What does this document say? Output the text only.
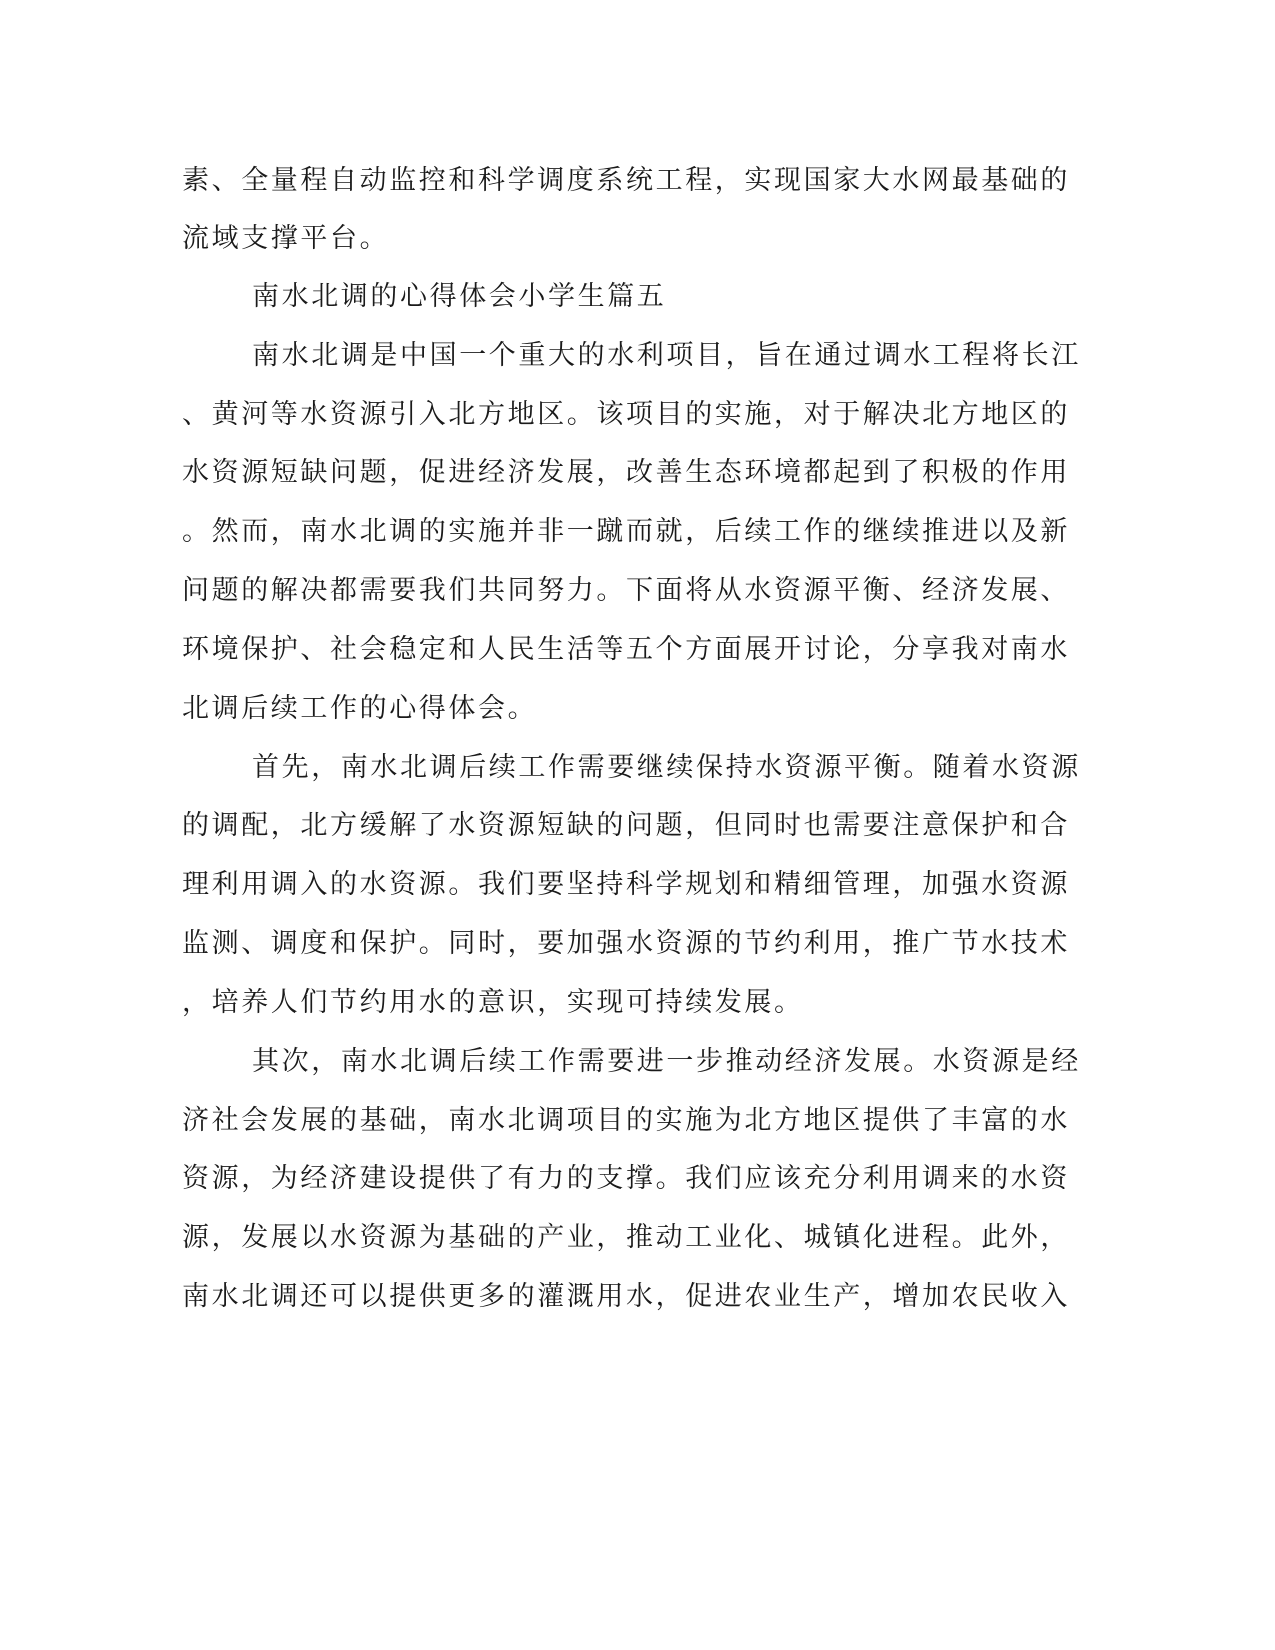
素、全量程自动监控和科学调度系统工程，实现国家大水网最基础的
流域支撑平台。
南水北调的心得体会小学生篇五
南水北调是中国一个重大的水利项目，旨在通过调水工程将长江
、黄河等水资源引入北方地区。该项目的实施，对于解决北方地区的
水资源短缺问题，促进经济发展，改善生态环境都起到了积极的作用
。然而，南水北调的实施并非一蹴而就，后续工作的继续推进以及新
问题的解决都需要我们共同努力。下面将从水资源平衡、经济发展、
环境保护、社会稳定和人民生活等五个方面展开讨论，分享我对南水
北调后续工作的心得体会。
首先，南水北调后续工作需要继续保持水资源平衡。随着水资源
的调配，北方缓解了水资源短缺的问题，但同时也需要注意保护和合
理利用调入的水资源。我们要坚持科学规划和精细管理，加强水资源
监测、调度和保护。同时，要加强水资源的节约利用，推广节水技术
，培养人们节约用水的意识，实现可持续发展。
其次，南水北调后续工作需要进一步推动经济发展。水资源是经
济社会发展的基础，南水北调项目的实施为北方地区提供了丰富的水
资源，为经济建设提供了有力的支撑。我们应该充分利用调来的水资
源，发展以水资源为基础的产业，推动工业化、城镇化进程。此外，
南水北调还可以提供更多的灌溉用水，促进农业生产，增加农民收入
